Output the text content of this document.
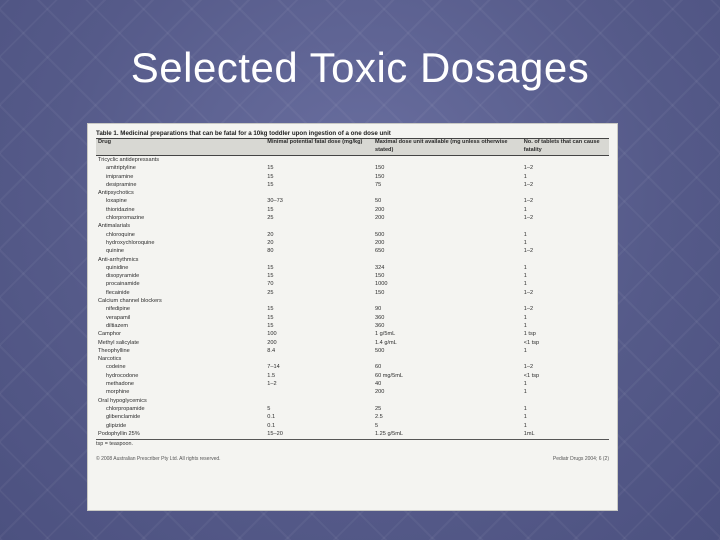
Selected Toxic Dosages
Table 1. Medicinal preparations that can be fatal for a 10kg toddler upon ingestion of a one dose unit
Drug	Minimal potential fatal dose (mg/kg)	Maximal dose unit available (mg unless otherwise stated)	No. of tablets that can cause fatality
Tricyclic antidepressants			
amitriptyline	15	150	1–2
imipramine	15	150	1
desipramine	15	75	1–2
Antipsychotics			
loxapine	30–73	50	1–2
thioridazine	15	200	1
chlorpromazine	25	200	1–2
Antimalarials			
chloroquine	20	500	1
hydroxychloroquine	20	200	1
quinine	80	650	1–2
Anti-arrhythmics			
quinidine	15	324	1
disopyramide	15	150	1
procainamide	70	1000	1
flecainide	25	150	1–2
Calcium channel blockers			
nifedipine	15	90	1–2
verapamil	15	360	1
diltiazem	15	360	1
Camphor	100	1 g/5mL	1 tsp
Methyl salicylate	200	1.4 g/mL	<1 tsp
Theophylline	8.4	500	1
Narcotics			
codeine	7–14	60	1–2
hydrocodone	1.5	60 mg/5mL	<1 tsp
methadone	1–2	40	1
morphine		200	1
Oral hypoglycemics			
chlorpropamide	5	25	1
glibenclamide	0.1	2.5	1
glipizide	0.1	5	1
Podophyllin 25%	15–20	1.25 g/5mL	1mL
tsp = teaspoon.
© 2008 Australian Prescriber Pty Ltd. All rights reserved.	Pediatr Drugs 2004; 6 (2)
